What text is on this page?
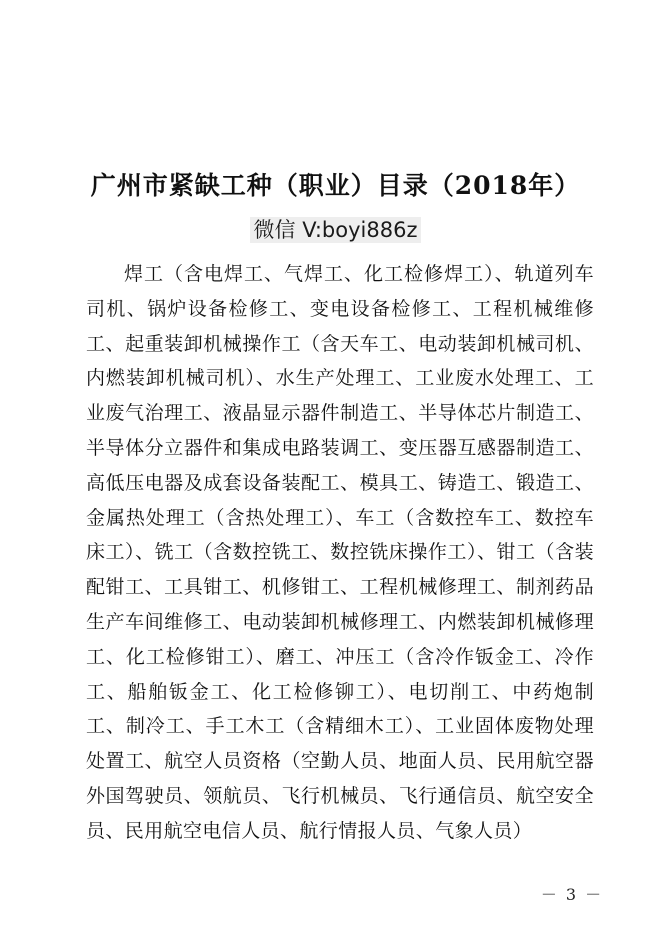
广州市紧缺工种（职业）目录（2018年）
微信 V:boyi886z

焊工（含电焊工、气焊工、化工检修焊工）、轨道列车司机、锅炉设备检修工、变电设备检修工、工程机械维修工、起重装卸机械操作工（含天车工、电动装卸机械司机、内燃装卸机械司机）、水生产处理工、工业废水处理工、工业废气治理工、液晶显示器件制造工、半导体芯片制造工、半导体分立器件和集成电路装调工、变压器互感器制造工、高低压电器及成套设备装配工、模具工、铸造工、锻造工、金属热处理工（含热处理工）、车工（含数控车工、数控车床工）、铣工（含数控铣工、数控铣床操作工）、钳工（含装配钳工、工具钳工、机修钳工、工程机械修理工、制剂药品生产车间维修工、电动装卸机械修理工、内燃装卸机械修理工、化工检修钳工）、磨工、冲压工（含冷作钣金工、冷作工、船舶钣金工、化工检修铆工）、电切削工、中药炮制工、制冷工、手工木工（含精细木工）、工业固体废物处理处置工、航空人员资格（空勤人员、地面人员、民用航空器外国驾驶员、领航员、飞行机械员、飞行通信员、航空安全员、民用航空电信人员、航行情报人员、气象人员）

－ 3 －
